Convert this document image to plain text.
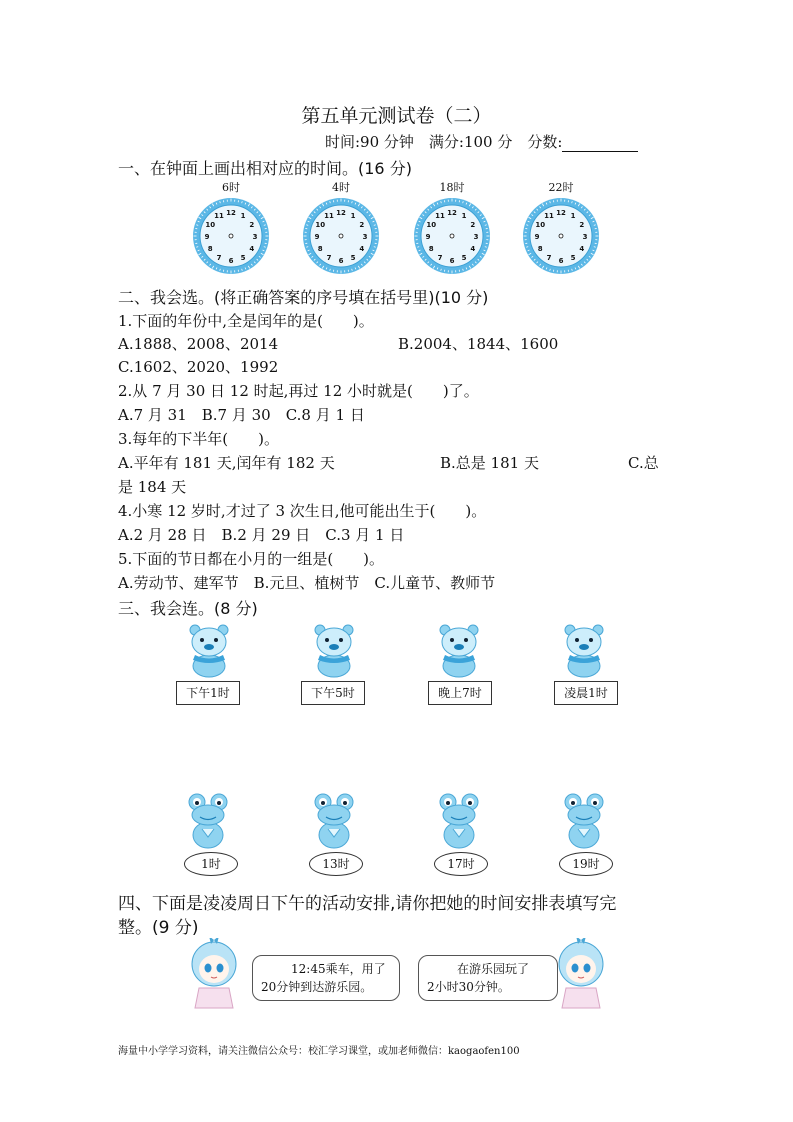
第五单元测试卷（二）
时间:90 分钟　满分:100 分　分数:
一、在钟面上画出相对应的时间。(16 分)
6时	4时	18时	22时
1
2
3
4
5
6
7
8
9
10
11 12	1
2
3
4
5
6
7
8
9
10
11 12	1
2
3
4
5
6
7
8
9
10
11 12	1
2
3
4
5
6
7
8
9
10
11 12
二、我会选。(将正确答案的序号填在括号里)(10 分)
1.下面的年份中,全是闰年的是(　　)。
A.1888、2008、2014	B.2004、1844、1600
C.1602、2020、1992
2.从 7 月 30 日 12 时起,再过 12 小时就是(　　)了。
A.7 月 31　B.7 月 30　C.8 月 1 日
3.每年的下半年(　　)。
A.平年有 181 天,闰年有 182 天	B.总是 181 天	C.总
是 184 天
4.小寒 12 岁时,才过了 3 次生日,他可能出生于(　　)。
A.2 月 28 日　B.2 月 29 日　C.3 月 1 日
5.下面的节日都在小月的一组是(　　)。
A.劳动节、建军节　B.元旦、植树节　C.儿童节、教师节
三、我会连。(8 分)
下午1时	下午5时	晚上7时	凌晨1时
1时	13时	17时	19时
四、下面是凌凌周日下午的活动安排,请你把她的时间安排表填写完
整。(9 分)
12:45乘车，用了
20分钟到达游乐园。
在游乐园玩了
2小时30分钟。
海量中小学学习资料，请关注微信公众号：校汇学习课堂，或加老师微信：kaogaofen100
